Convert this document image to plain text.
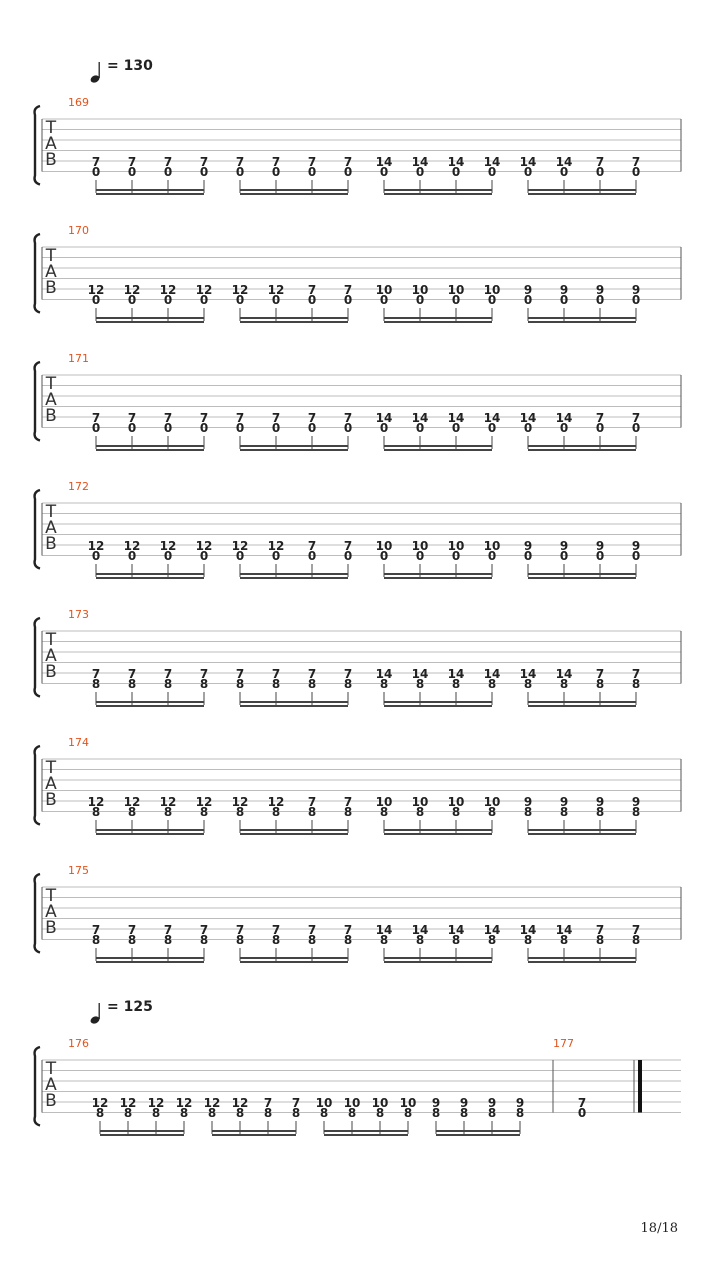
= 130
= 125
T
A
B
169
7
0
7
0
7
0
7
0
7
0
7
0
7
0
7
0
14
0
14
0
14
0
14
0
14
0
14
0
7
0
7
0
T
A
B
170
12
0
12
0
12
0
12
0
12
0
12
0
7
0
7
0
10
0
10
0
10
0
10
0
9
0
9
0
9
0
9
0
T
A
B
171
7
0
7
0
7
0
7
0
7
0
7
0
7
0
7
0
14
0
14
0
14
0
14
0
14
0
14
0
7
0
7
0
T
A
B
172
12
0
12
0
12
0
12
0
12
0
12
0
7
0
7
0
10
0
10
0
10
0
10
0
9
0
9
0
9
0
9
0
T
A
B
173
7
8
7
8
7
8
7
8
7
8
7
8
7
8
7
8
14
8
14
8
14
8
14
8
14
8
14
8
7
8
7
8
T
A
B
174
12
8
12
8
12
8
12
8
12
8
12
8
7
8
7
8
10
8
10
8
10
8
10
8
9
8
9
8
9
8
9
8
T
A
B
175
7
8
7
8
7
8
7
8
7
8
7
8
7
8
7
8
14
8
14
8
14
8
14
8
14
8
14
8
7
8
7
8
T
A
B
176
12
8
12
8
12
8
12
8
12
8
12
8
7
8
7
8
10
8
10
8
10
8
10
8
9
8
9
8
9
8
9
8
177
7
0
18/18
